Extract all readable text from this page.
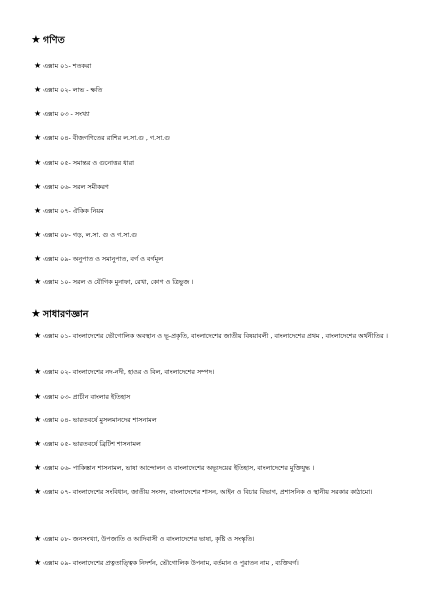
★ গণিত
★ এক্সাম ০১- শতকরা
★ এক্সাম ০২- লাভ - ক্ষতি
★ এক্সাম ০৩ - সংখ্যা
★ এক্সাম ০৪- বীজগণিতের রাশির ল.সা.গু , গ.সা.গু
★ এক্সাম ০৫- সমান্তর ও গুনোত্তর ধারা
★ এক্সাম ০৬- সরল সমীকরণ
★ এক্সাম ০৭- ঐকিক নিয়ম
★ এক্সাম ০৮- গড়, ল.সা. গু ও গ.সা.গু
★ এক্সাম ০৯- অনুপাত ও সমানুপাত, বর্গ ও বর্গমূল
★ এক্সাম ১০- সরল ও যৌগিক মুনাফা, রেখা, কোণ ও ত্রিভুজ ।
★ সাধারণজ্ঞান
★ এক্সাম ০১- বাংলাদেশের ভৌগোলিক অবস্থান ও ভূ-প্রকৃতি, বাংলাদেশের জাতীয় বিষয়াবলী , বাংলাদেশের প্রথম , বাংলাদেশের অর্থনীতির ।
★ এক্সাম ০২- বাংলাদেশের নদ-নদী, হাওর ও বিল, বাংলাদেশের সম্পদ।
★ এক্সাম ০৩- প্রাচীন বাংলার ইতিহাস
★ এক্সাম ০৪- ভারতবর্ষে মুসলমানদের শাসনামল
★ এক্সাম ০৫- ভারতবর্ষে ব্রিটিশ শাসনামল
★ এক্সাম ০৬- পাকিস্তান শাসনামল, ভাষা আন্দোলন ও বাংলাদেশের অভ্যূদয়ের ইতিহাস, বাংলাদেশের মুক্তিযুদ্ধ ।
★ এক্সাম ০৭- বাংলাদেশের সংবিধান, জাতীয় সংসদ, বাংলাদেশের শাসন, আইন ও বিচার বিভাগ, প্রশাসনিক ও স্থানীয় সরকার কাঠামো।
★ এক্সাম ০৮- জনসংখ্যা, উপজাতি ও আদিবাসী ও বাংলাদেশের ভাষা, কৃষ্টি ও সংস্কৃতি।
★ এক্সাম ০৯- বাংলাদেশের প্রত্নতাত্ত্বিক নিদর্শন, ভৌগোলিক উপনাম, বর্তমান ও পুরাতন নাম , ব্যক্তিবর্গ।
